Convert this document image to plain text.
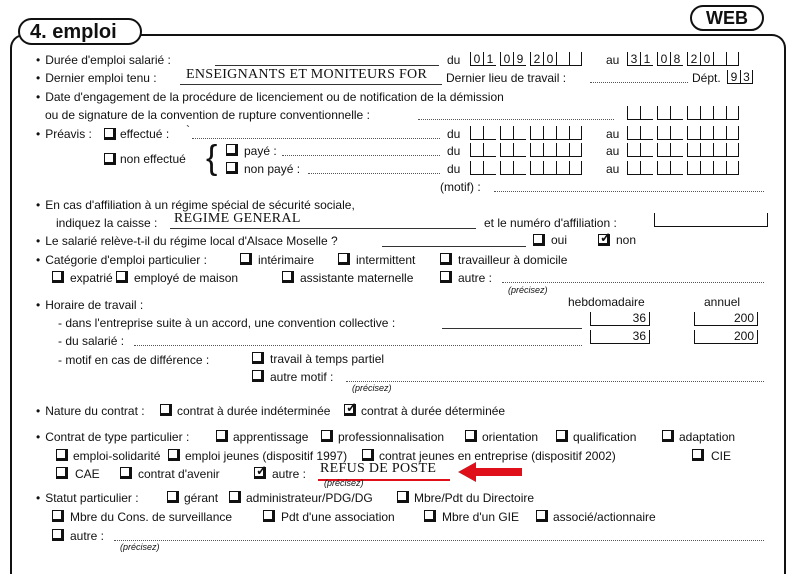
4. emploi
WEB
• Durée d'emploi salarié :	du	0 1 0 9 2 0	au 3 1 0 8 2 0
• Dernier emploi tenu : ENSEIGNANTS ET MONITEURS FOR Dernier lieu de travail :	Dépt. 9 3
• Date d'engagement de la procédure de licenciement ou de notification de la démission
ou de signature de la convention de rupture conventionnelle :
• Préavis : effectué : `	du	au
non effectué { payé :	du	au
non payé :	du	au
(motif) :
• En cas d'affiliation à un régime spécial de sécurité sociale,
indiquez la caisse : REGIME GENERAL	et le numéro d'affiliation :
• Le salarié relève-t-il du régime local d'Alsace Moselle ?	oui	✓ non
• Catégorie d'emploi particulier :	intérimaire	intermittent	travailleur à domicile
expatrié employé de maison	assistante maternelle	autre :
(précisez)
• Horaire de travail :	hebdomadaire	annuel
- dans l'entreprise suite à un accord, une convention collective :	36	200
- du salarié :	36	200
- motif en cas de différence :	travail à temps partiel
autre motif :
(précisez)
• Nature du contrat :	contrat à durée indéterminée ✓ contrat à durée déterminée
• Contrat de type particulier :	apprentissage professionnalisation	orientation	qualification	adaptation
emploi-solidarité emploi jeunes (dispositif 1997)	contrat jeunes en entreprise (dispositif 2002)	CIE
CAE	contrat d'avenir	✓ autre : REFUS DE POSTE
(précisez)
• Statut particulier :	gérant administrateur/PDG/DG	Mbre/Pdt du Directoire
Mbre du Cons. de surveillance	Pdt d'une association	Mbre d'un GIE	associé/actionnaire
autre :
(précisez)
